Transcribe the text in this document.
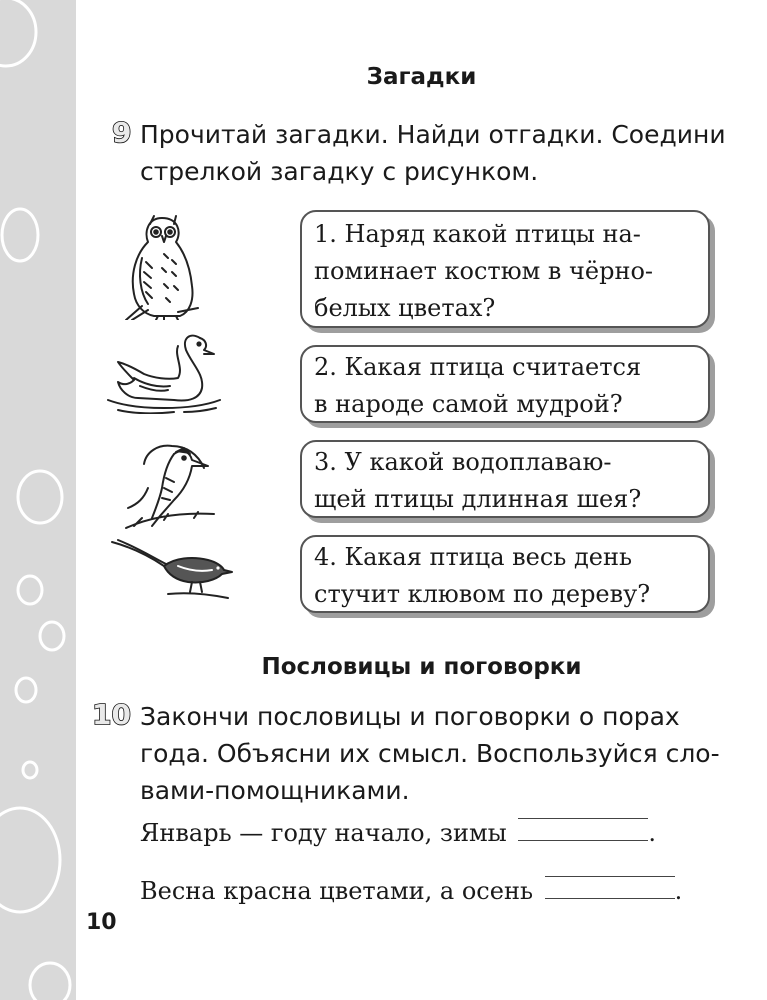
Загадки
9 Прочитай загадки. Найди отгадки. Соедини
стрелкой загадку с рисунком.
1. Наряд какой птицы на-
поминает костюм в чёрно-
белых цветах?
2. Какая птица считается
в народе самой мудрой?
3. У какой водоплаваю-
щей птицы длинная шея?
4. Какая птица весь день
стучит клювом по дереву?
Пословицы и поговорки
10 Закончи пословицы и поговорки о порах
года. Объясни их смысл. Воспользуйся сло-
вами-помощниками.
Январь — году начало, зимы	.
Весна красна цветами, а осень	.
10
